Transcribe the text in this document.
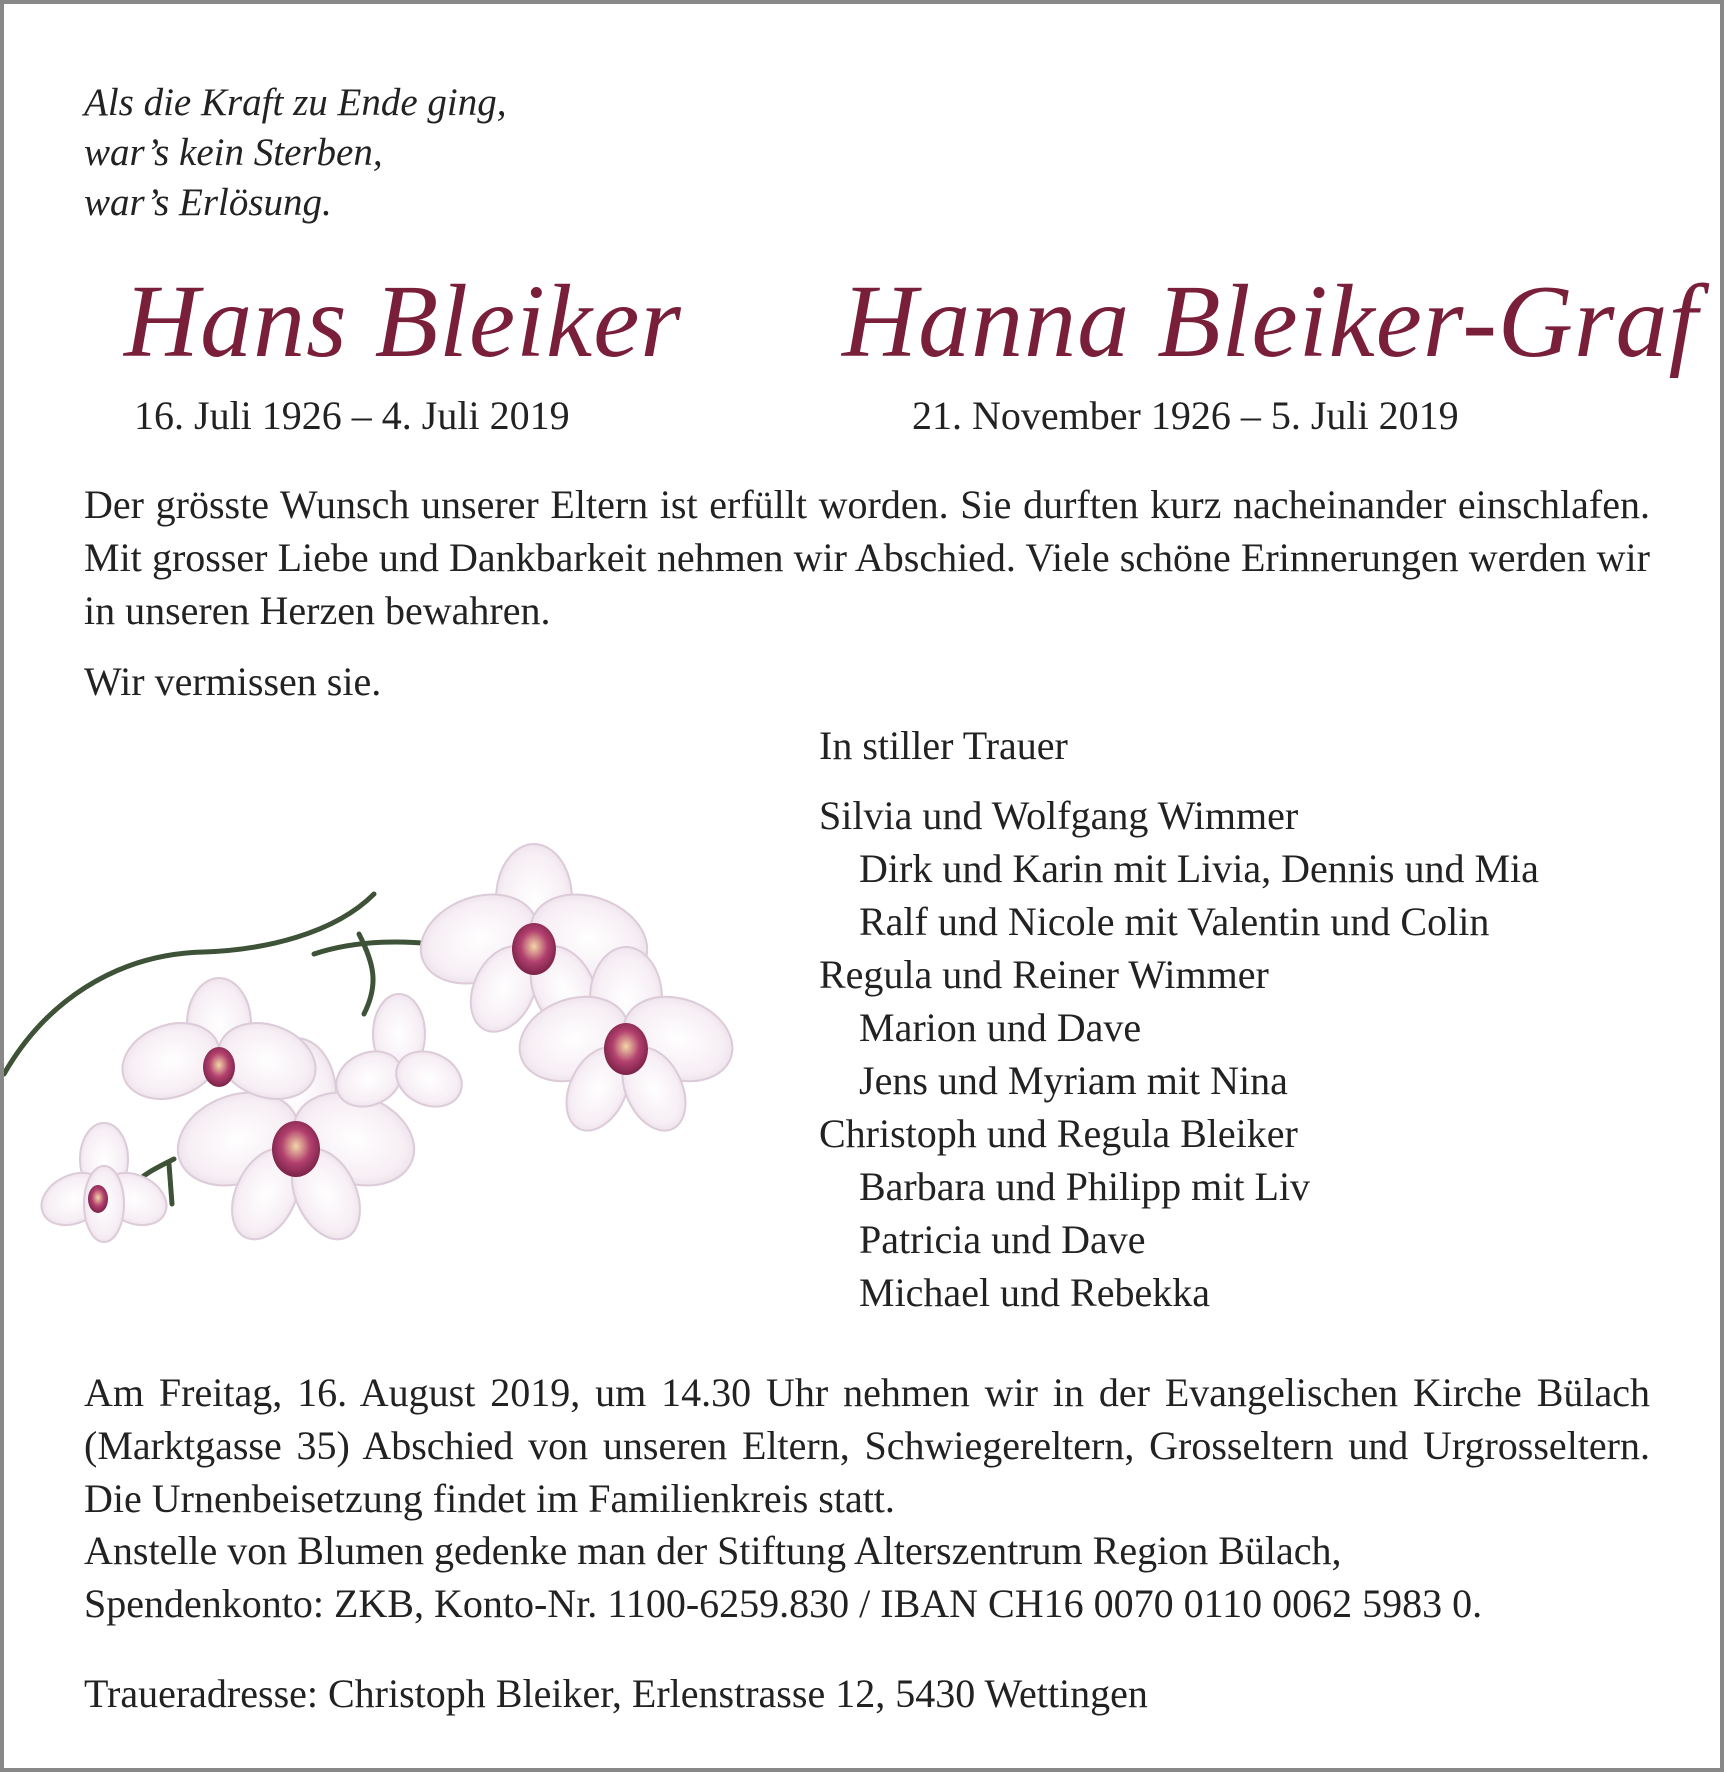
Als die Kraft zu Ende ging,
war’s kein Sterben,
war’s Erlösung.
Hans Bleiker Hanna Bleiker-Graf
16. Juli 1926 – 4. Juli 2019	21. November 1926 – 5. Juli 2019
Der grösste Wunsch unserer Eltern ist erfüllt worden. Sie durften kurz nacheinander einschlafen. Mit grosser Liebe und Dankbarkeit nehmen wir Abschied. Viele schöne Erinnerungen werden wir in unseren Herzen bewahren.
Wir vermissen sie.
In stiller Trauer
Silvia und Wolfgang Wimmer
Dirk und Karin mit Livia, Dennis und Mia
Ralf und Nicole mit Valentin und Colin
Regula und Reiner Wimmer
Marion und Dave
Jens und Myriam mit Nina
Christoph und Regula Bleiker
Barbara und Philipp mit Liv
Patricia und Dave
Michael und Rebekka
Am Freitag, 16. August 2019, um 14.30 Uhr nehmen wir in der Evangelischen Kirche Bülach (Marktgasse 35) Abschied von unseren Eltern, Schwiegereltern, Grosseltern und Urgrosseltern. Die Urnenbeisetzung findet im Familienkreis statt.
Anstelle von Blumen gedenke man der Stiftung Alterszentrum Region Bülach,
Spendenkonto: ZKB, Konto-Nr. 1100-6259.830 / IBAN CH16 0070 0110 0062 5983 0.
Traueradresse: Christoph Bleiker, Erlenstrasse 12, 5430 Wettingen
